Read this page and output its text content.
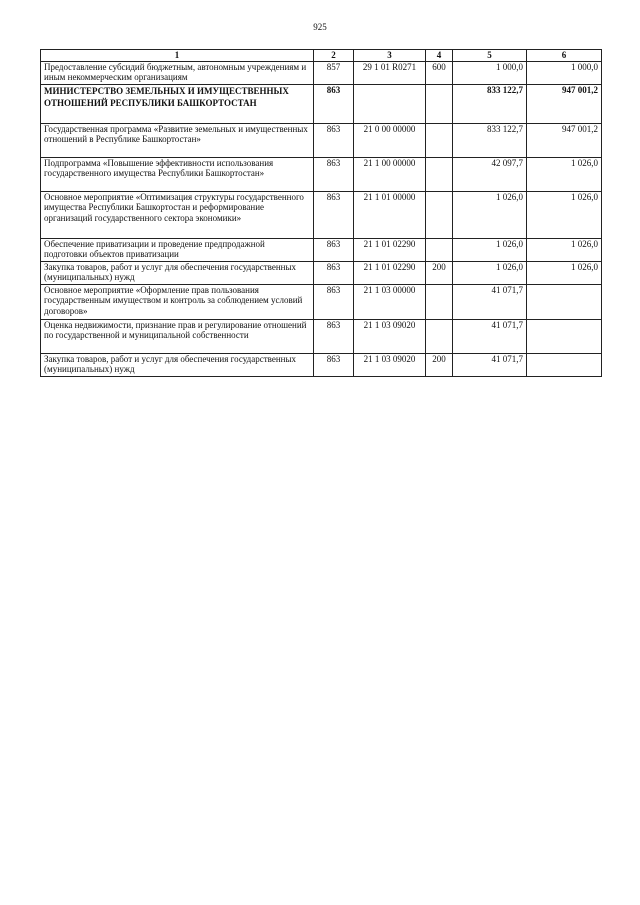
925
1	2	3	4	5	6
Предоставление субсидий бюджетным, автономным учреждениям и иным некоммерческим организациям	857	29 1 01 R0271	600	1 000,0	1 000,0
МИНИСТЕРСТВО ЗЕМЕЛЬНЫХ И ИМУЩЕСТВЕННЫХ ОТНОШЕНИЙ РЕСПУБЛИКИ БАШКОРТОСТАН	863			833 122,7	947 001,2
Государственная программа «Развитие земельных и имущественных отношений в Республике Башкортостан»	863	21 0 00 00000		833 122,7	947 001,2
Подпрограмма «Повышение эффективности использования государственного имущества Республики Башкортостан»	863	21 1 00 00000		42 097,7	1 026,0
Основное мероприятие «Оптимизация структуры государственного имущества Республики Башкортостан и реформирование организаций государственного сектора экономики»	863	21 1 01 00000		1 026,0	1 026,0
Обеспечение приватизации и проведение предпродажной подготовки объектов приватизации	863	21 1 01 02290		1 026,0	1 026,0
Закупка товаров, работ и услуг для обеспечения государственных (муниципальных) нужд	863	21 1 01 02290	200	1 026,0	1 026,0
Основное мероприятие «Оформление прав пользования государственным имуществом и контроль за соблюдением условий договоров»	863	21 1 03 00000		41 071,7	
Оценка недвижимости, признание прав и регулирование отношений по государственной и муниципальной собственности	863	21 1 03 09020		41 071,7	
Закупка товаров, работ и услуг для обеспечения государственных (муниципальных) нужд	863	21 1 03 09020	200	41 071,7	
